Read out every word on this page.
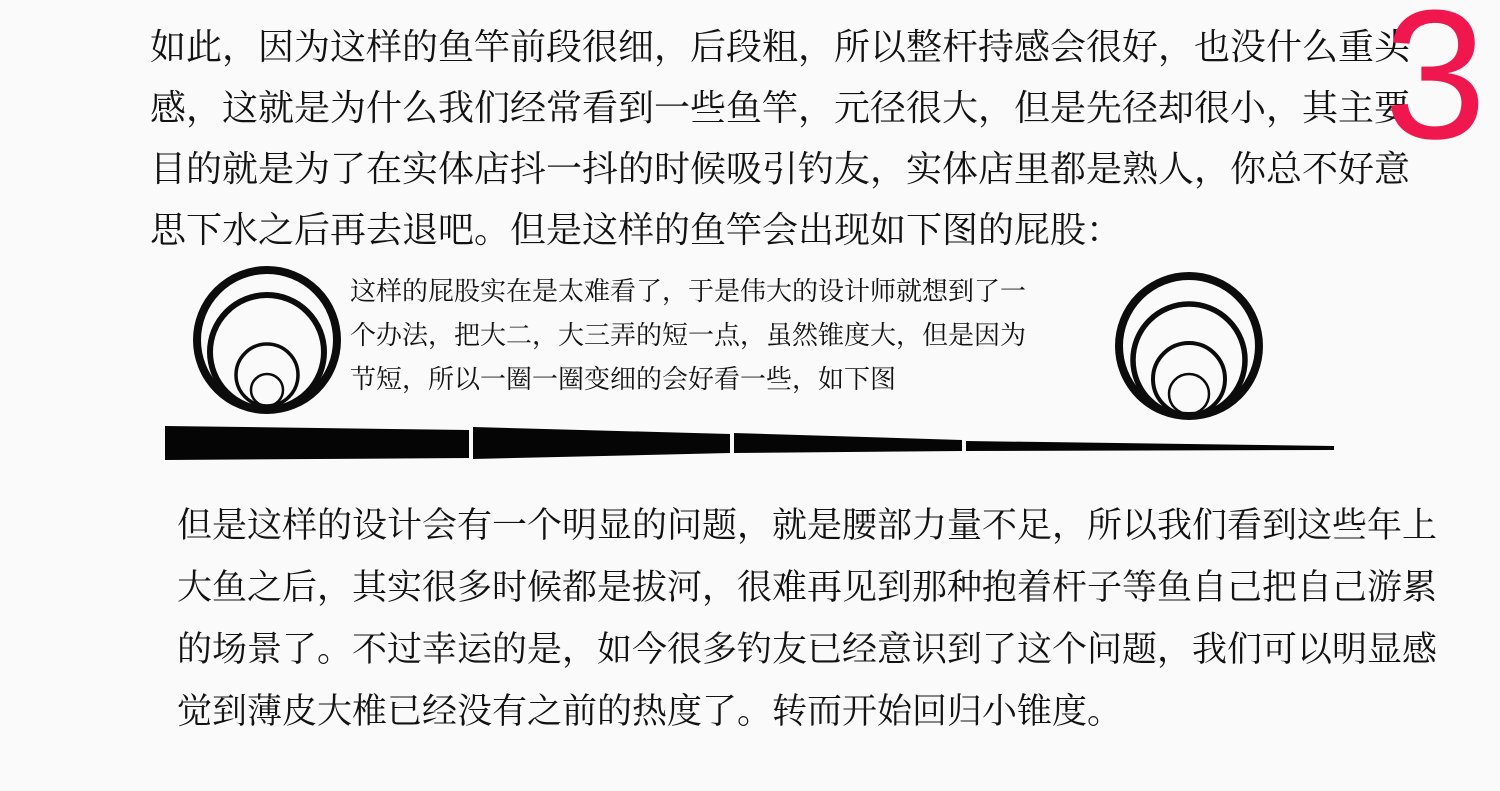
如此，因为这样的鱼竿前段很细，后段粗，所以整杆持感会很好，也没什么重头
感，这就是为什么我们经常看到一些鱼竿，元径很大，但是先径却很小，其主要
目的就是为了在实体店抖一抖的时候吸引钓友，实体店里都是熟人，你总不好意
思下水之后再去退吧。但是这样的鱼竿会出现如下图的屁股：
3
这样的屁股实在是太难看了，于是伟大的设计师就想到了一
个办法，把大二，大三弄的短一点，虽然锥度大，但是因为
节短，所以一圈一圈变细的会好看一些，如下图
但是这样的设计会有一个明显的问题，就是腰部力量不足，所以我们看到这些年上
大鱼之后，其实很多时候都是拔河，很难再见到那种抱着杆子等鱼自己把自己游累
的场景了。不过幸运的是，如今很多钓友已经意识到了这个问题，我们可以明显感
觉到薄皮大椎已经没有之前的热度了。转而开始回归小锥度。
